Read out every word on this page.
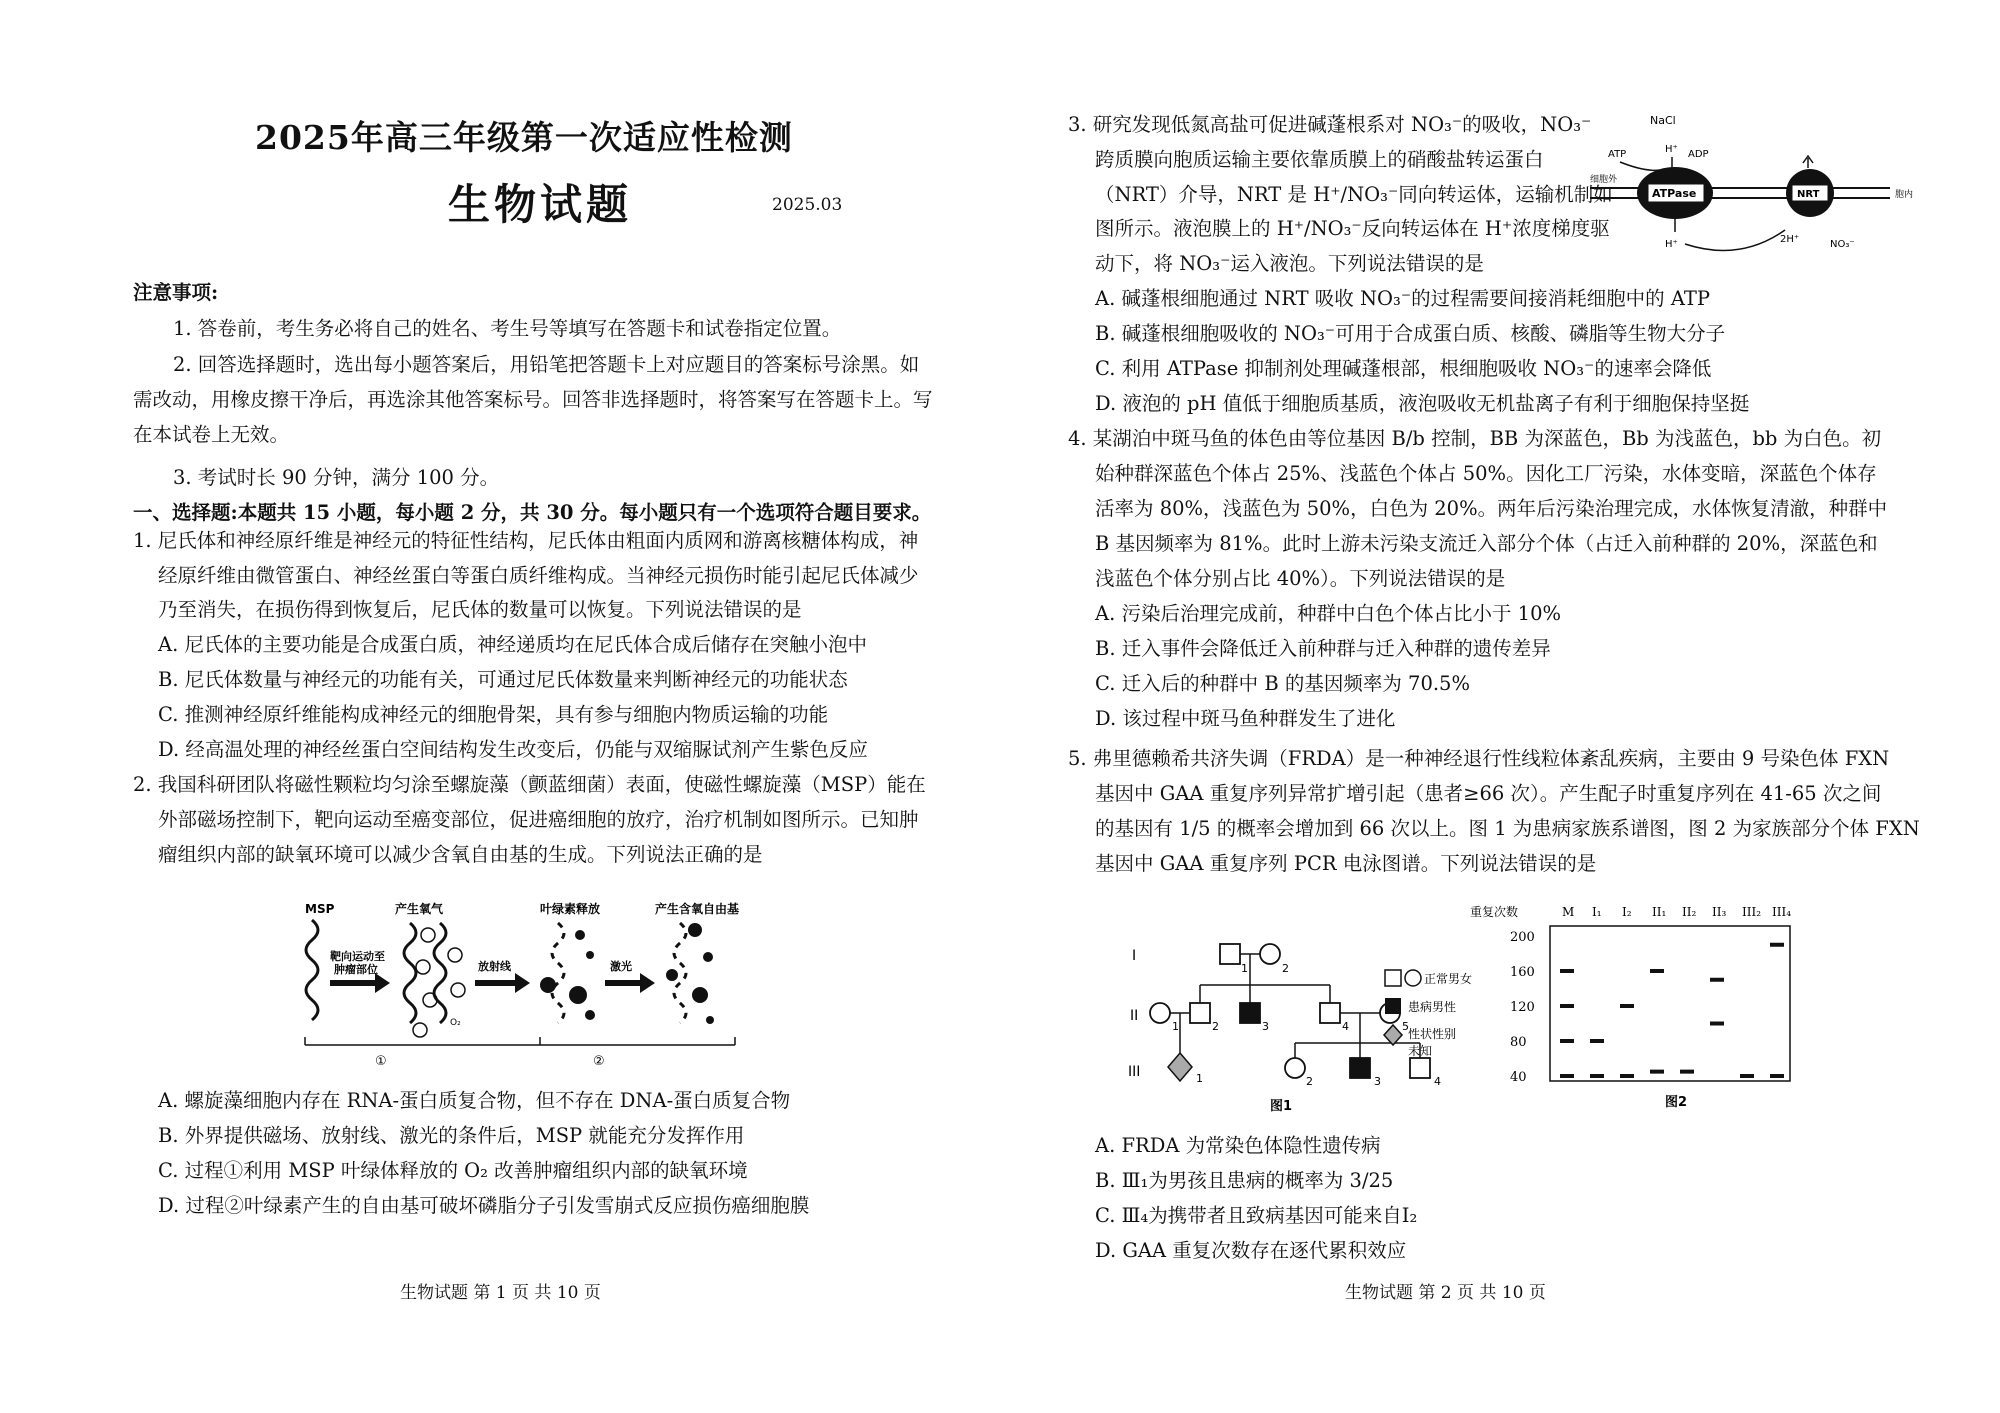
2025年高三年级第一次适应性检测
生物试题	2025.03
注意事项:
1. 答卷前，考生务必将自己的姓名、考生号等填写在答题卡和试卷指定位置。
2. 回答选择题时，选出每小题答案后，用铅笔把答题卡上对应题目的答案标号涂黑。如
需改动，用橡皮擦干净后，再选涂其他答案标号。回答非选择题时，将答案写在答题卡上。写
在本试卷上无效。
3. 考试时长 90 分钟，满分 100 分。
一、选择题:本题共 15 小题，每小题 2 分，共 30 分。每小题只有一个选项符合题目要求。
1. 尼氏体和神经原纤维是神经元的特征性结构，尼氏体由粗面内质网和游离核糖体构成，神
经原纤维由微管蛋白、神经丝蛋白等蛋白质纤维构成。当神经元损伤时能引起尼氏体减少
乃至消失，在损伤得到恢复后，尼氏体的数量可以恢复。下列说法错误的是
A. 尼氏体的主要功能是合成蛋白质，神经递质均在尼氏体合成后储存在突触小泡中
B. 尼氏体数量与神经元的功能有关，可通过尼氏体数量来判断神经元的功能状态
C. 推测神经原纤维能构成神经元的细胞骨架，具有参与细胞内物质运输的功能
D. 经高温处理的神经丝蛋白空间结构发生改变后，仍能与双缩脲试剂产生紫色反应
2. 我国科研团队将磁性颗粒均匀涂至螺旋藻（颤蓝细菌）表面，使磁性螺旋藻（MSP）能在
外部磁场控制下，靶向运动至癌变部位，促进癌细胞的放疗，治疗机制如图所示。已知肿
瘤组织内部的缺氧环境可以减少含氧自由基的生成。下列说法正确的是
MSP	产生氧气	叶绿素释放	产生含氧自由基
靶向运动至
肿瘤部位
O₂
放射线	激光
①	②
A. 螺旋藻细胞内存在 RNA-蛋白质复合物，但不存在 DNA-蛋白质复合物
B. 外界提供磁场、放射线、激光的条件后，MSP 就能充分发挥作用
C. 过程①利用 MSP 叶绿体释放的 O₂ 改善肿瘤组织内部的缺氧环境
D. 过程②叶绿素产生的自由基可破坏磷脂分子引发雪崩式反应损伤癌细胞膜
生物试题 第 1 页 共 10 页
3. 研究发现低氮高盐可促进碱蓬根系对 NO₃⁻的吸收，NO₃⁻
跨质膜向胞质运输主要依靠质膜上的硝酸盐转运蛋白
（NRT）介导，NRT 是 H⁺/NO₃⁻同向转运体，运输机制如
图所示。液泡膜上的 H⁺/NO₃⁻反向转运体在 H⁺浓度梯度驱
动下，将 NO₃⁻运入液泡。下列说法错误的是
NaCl
ATP	H⁺ ADP
细胞外
ATPase	NRT	胞内
H⁺	2H⁺	NO₃⁻
A. 碱蓬根细胞通过 NRT 吸收 NO₃⁻的过程需要间接消耗细胞中的 ATP
B. 碱蓬根细胞吸收的 NO₃⁻可用于合成蛋白质、核酸、磷脂等生物大分子
C. 利用 ATPase 抑制剂处理碱蓬根部，根细胞吸收 NO₃⁻的速率会降低
D. 液泡的 pH 值低于细胞质基质，液泡吸收无机盐离子有利于细胞保持坚挺
4. 某湖泊中斑马鱼的体色由等位基因 B/b 控制，BB 为深蓝色，Bb 为浅蓝色，bb 为白色。初
始种群深蓝色个体占 25%、浅蓝色个体占 50%。因化工厂污染，水体变暗，深蓝色个体存
活率为 80%，浅蓝色为 50%，白色为 20%。两年后污染治理完成，水体恢复清澈，种群中
B 基因频率为 81%。此时上游未污染支流迁入部分个体（占迁入前种群的 20%，深蓝色和
浅蓝色个体分别占比 40%）。下列说法错误的是
A. 污染后治理完成前，种群中白色个体占比小于 10%
B. 迁入事件会降低迁入前种群与迁入种群的遗传差异
C. 迁入后的种群中 B 的基因频率为 70.5%
D. 该过程中斑马鱼种群发生了进化
5. 弗里德赖希共济失调（FRDA）是一种神经退行性线粒体紊乱疾病，主要由 9 号染色体 FXN
基因中 GAA 重复序列异常扩增引起（患者≥66 次）。产生配子时重复序列在 41-65 次之间
的基因有 1/5 的概率会增加到 66 次以上。图 1 为患病家族系谱图，图 2 为家族部分个体 FXN
基因中 GAA 重复序列 PCR 电泳图谱。下列说法错误的是
I
II
III
1	2
1	2	3	4	5
1	2	3	4
图1
正常男女
患病男性
性状性别
未知
重复次数	M I₁ I₂ II₁ II₂ II₃ III₂ III₄
200
160
120
80
40
图2
A. FRDA 为常染色体隐性遗传病
B. Ⅲ₁为男孩且患病的概率为 3/25
C. Ⅲ₄为携带者且致病基因可能来自I₂
D. GAA 重复次数存在逐代累积效应
生物试题 第 2 页 共 10 页
